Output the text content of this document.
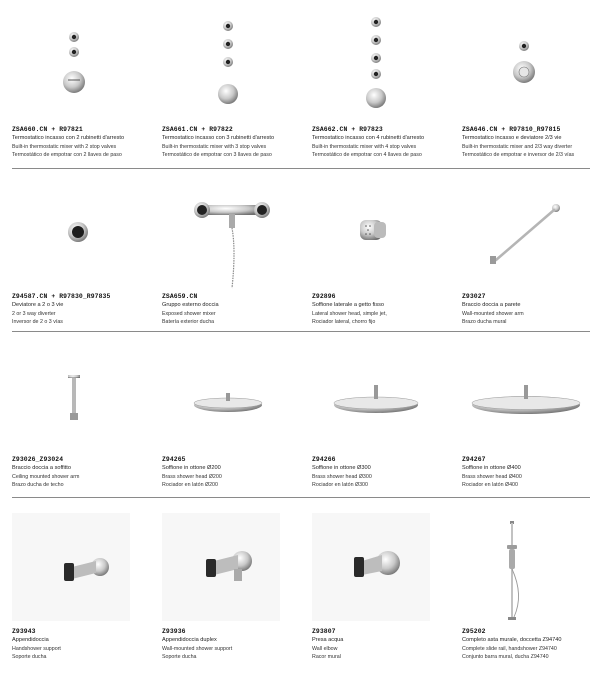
ZSA660.CN + R97821
Termostatico incasso con 2 rubinetti d'arresto
Built-in thermostatic mixer with 2 stop valves
Termostático de empotrar con 2 llaves de paso
ZSA661.CN + R97822
Termostatico incasso con 3 rubinetti d'arresto
Built-in thermostatic mixer with 3 stop valves
Termostático de empotrar con 3 llaves de paso
ZSA662.CN + R97823
Termostatico incasso con 4 rubinetti d'arresto
Built-in thermostatic mixer with 4 stop valves
Termostático de empotrar con 4 llaves de paso
ZSA646.CN + R97810_R97815
Termostatico incasso e deviatore 2/3 vie
Built-in thermostatic mixer and 2/3 way diverter
Termostático de empotrar e inversor de 2/3 vías
Z94587.CN + R97830_R97835
Deviatore a 2 o 3 vie
2 or 3 way diverter
Inversor de 2 o 3 vías
ZSA659.CN
Gruppo esterno doccia
Exposed shower mixer
Batería exterior ducha
Z92896
Soffione laterale a getto fisso
Lateral shower head, simple jet,
Rociador lateral, chorro fijo
Z93027
Braccio doccia a parete
Wall-mounted shower arm
Brazo ducha mural
Z93026_Z93024
Braccio doccia a soffitto
Ceiling mounted shower arm
Brazo ducha de techo
Z94265
Soffione in ottone Ø200
Brass shower head Ø200
Rociador en latón Ø200
Z94266
Soffione in ottone Ø300
Brass shower head Ø300
Rociador en latón Ø300
Z94267
Soffione in ottone Ø400
Brass shower head Ø400
Rociador en latón Ø400
Z93943
Appendidoccia
Handshower support
Soporte ducha
Z93936
Appendidoccia duplex
Wall-mounted shower support
Soporte ducha
Z93807
Presa acqua
Wall elbow
Racor mural
Z95202
Completo asta murale, doccetta Z94740
Complete slide rail, handshower Z94740
Conjunto barra mural, ducha Z94740
